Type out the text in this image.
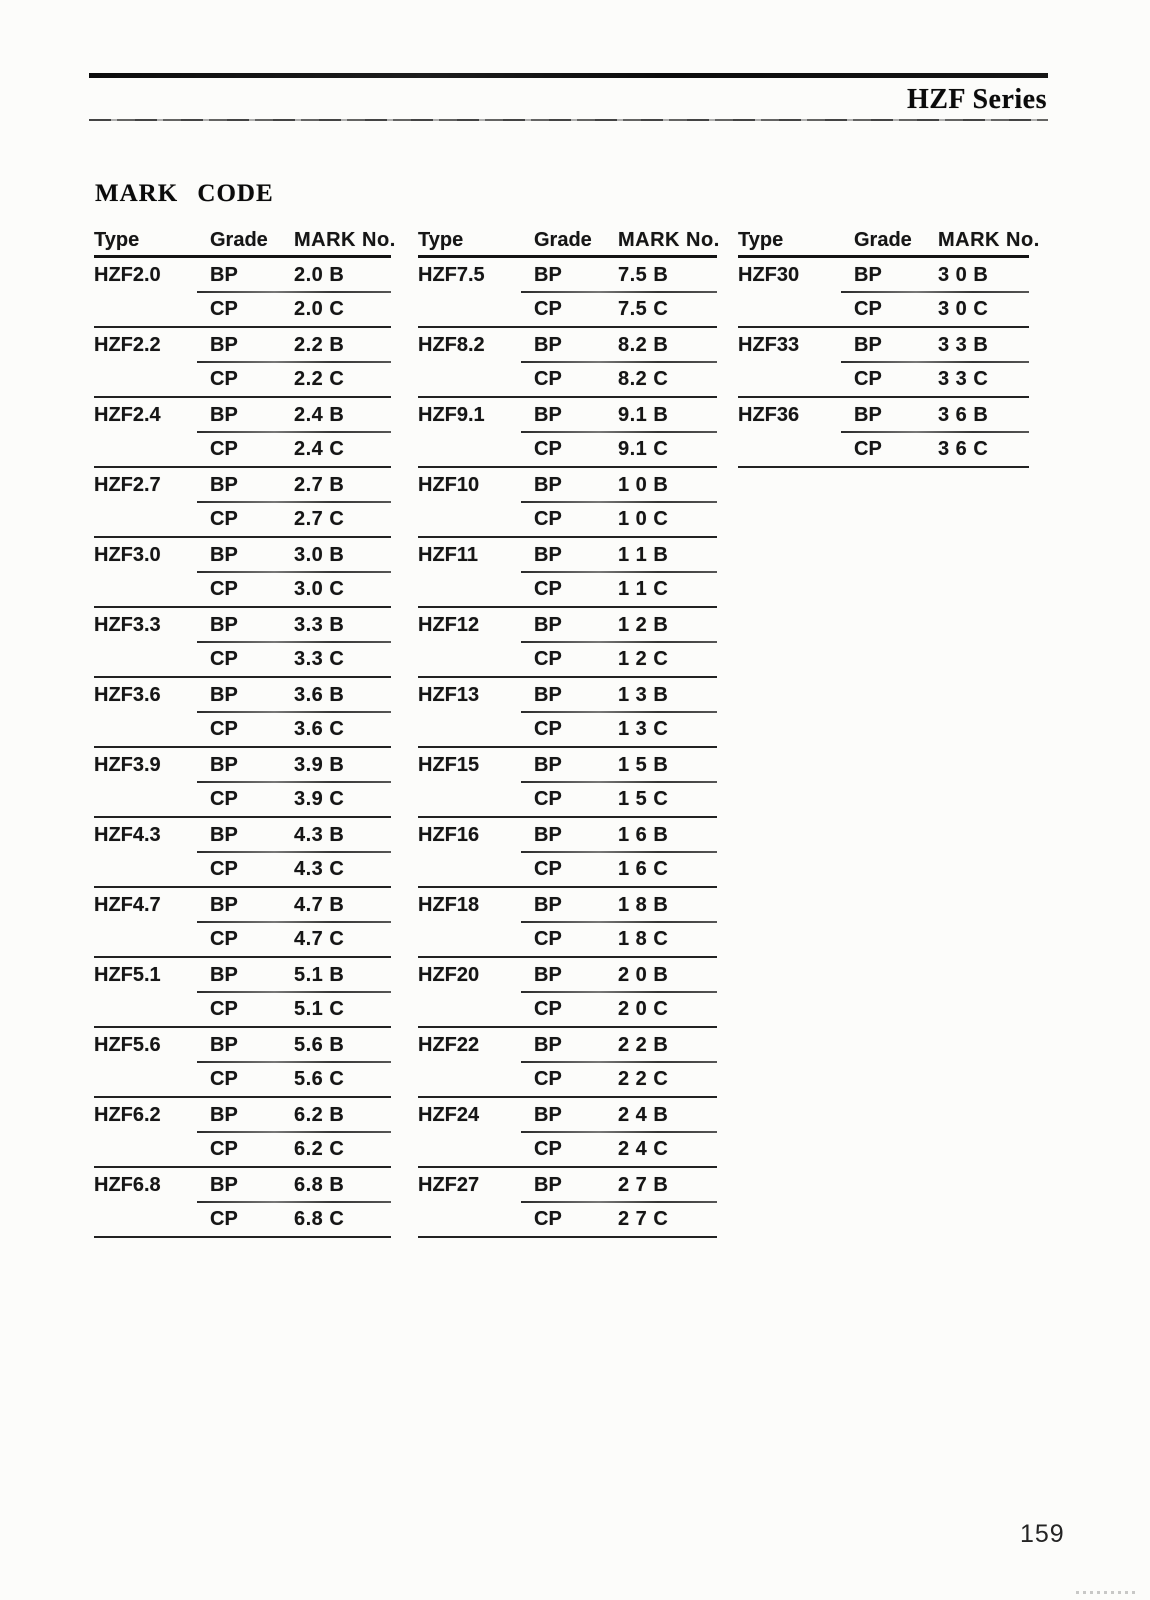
HZF Series
MARK CODE
Type	Grade	MARK No.
HZF2.0	BP	2.0 B
CP	2.0 C
HZF2.2	BP	2.2 B
CP	2.2 C
HZF2.4	BP	2.4 B
CP	2.4 C
HZF2.7	BP	2.7 B
CP	2.7 C
HZF3.0	BP	3.0 B
CP	3.0 C
HZF3.3	BP	3.3 B
CP	3.3 C
HZF3.6	BP	3.6 B
CP	3.6 C
HZF3.9	BP	3.9 B
CP	3.9 C
HZF4.3	BP	4.3 B
CP	4.3 C
HZF4.7	BP	4.7 B
CP	4.7 C
HZF5.1	BP	5.1 B
CP	5.1 C
HZF5.6	BP	5.6 B
CP	5.6 C
HZF6.2	BP	6.2 B
CP	6.2 C
HZF6.8	BP	6.8 B
CP	6.8 C
Type	Grade	MARK No.
HZF7.5	BP	7.5 B
CP	7.5 C
HZF8.2	BP	8.2 B
CP	8.2 C
HZF9.1	BP	9.1 B
CP	9.1 C
HZF10	BP	1 0 B
CP	1 0 C
HZF11	BP	1 1 B
CP	1 1 C
HZF12	BP	1 2 B
CP	1 2 C
HZF13	BP	1 3 B
CP	1 3 C
HZF15	BP	1 5 B
CP	1 5 C
HZF16	BP	1 6 B
CP	1 6 C
HZF18	BP	1 8 B
CP	1 8 C
HZF20	BP	2 0 B
CP	2 0 C
HZF22	BP	2 2 B
CP	2 2 C
HZF24	BP	2 4 B
CP	2 4 C
HZF27	BP	2 7 B
CP	2 7 C
Type	Grade	MARK No.
HZF30	BP	3 0 B
CP	3 0 C
HZF33	BP	3 3 B
CP	3 3 C
HZF36	BP	3 6 B
CP	3 6 C
159
